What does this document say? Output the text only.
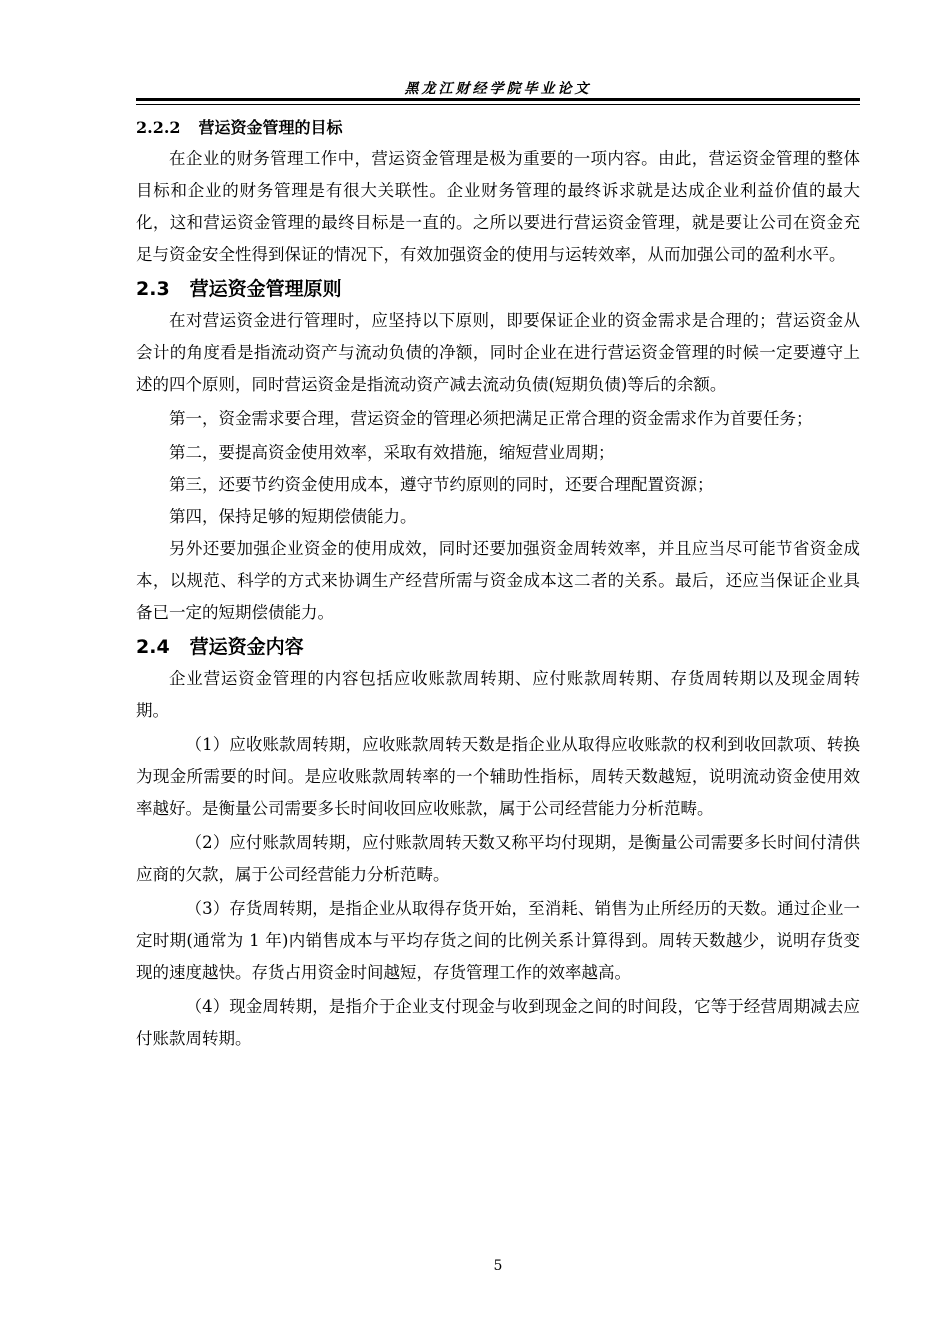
黑龙江财经学院毕业论文
2.2.2 营运资金管理的目标

在企业的财务管理工作中，营运资金管理是极为重要的一项内容。由此，营运资金管理的整体目标和企业的财务管理是有很大关联性。企业财务管理的最终诉求就是达成企业利益价值的最大化，这和营运资金管理的最终目标是一直的。之所以要进行营运资金管理，就是要让公司在资金充足与资金安全性得到保证的情况下，有效加强资金的使用与运转效率，从而加强公司的盈利水平。

2.3 营运资金管理原则

在对营运资金进行管理时，应坚持以下原则，即要保证企业的资金需求是合理的；营运资金从会计的角度看是指流动资产与流动负债的净额，同时企业在进行营运资金管理的时候一定要遵守上述的四个原则，同时营运资金是指流动资产减去流动负债(短期负债)等后的余额。

第一，资金需求要合理，营运资金的管理必须把满足正常合理的资金需求作为首要任务；

第二，要提高资金使用效率，采取有效措施，缩短营业周期；

第三，还要节约资金使用成本，遵守节约原则的同时，还要合理配置资源；

第四，保持足够的短期偿债能力。

另外还要加强企业资金的使用成效，同时还要加强资金周转效率，并且应当尽可能节省资金成本，以规范、科学的方式来协调生产经营所需与资金成本这二者的关系。最后，还应当保证企业具备已一定的短期偿债能力。

2.4 营运资金内容

企业营运资金管理的内容包括应收账款周转期、应付账款周转期、存货周转期以及现金周转期。

（1）应收账款周转期，应收账款周转天数是指企业从取得应收账款的权利到收回款项、转换为现金所需要的时间。是应收账款周转率的一个辅助性指标，周转天数越短，说明流动资金使用效率越好。是衡量公司需要多长时间收回应收账款，属于公司经营能力分析范畴。

（2）应付账款周转期，应付账款周转天数又称平均付现期，是衡量公司需要多长时间付清供应商的欠款，属于公司经营能力分析范畴。

（3）存货周转期，是指企业从取得存货开始，至消耗、销售为止所经历的天数。通过企业一定时期(通常为 1 年)内销售成本与平均存货之间的比例关系计算得到。周转天数越少，说明存货变现的速度越快。存货占用资金时间越短，存货管理工作的效率越高。

（4）现金周转期，是指介于企业支付现金与收到现金之间的时间段，它等于经营周期减去应付账款周转期。

5
